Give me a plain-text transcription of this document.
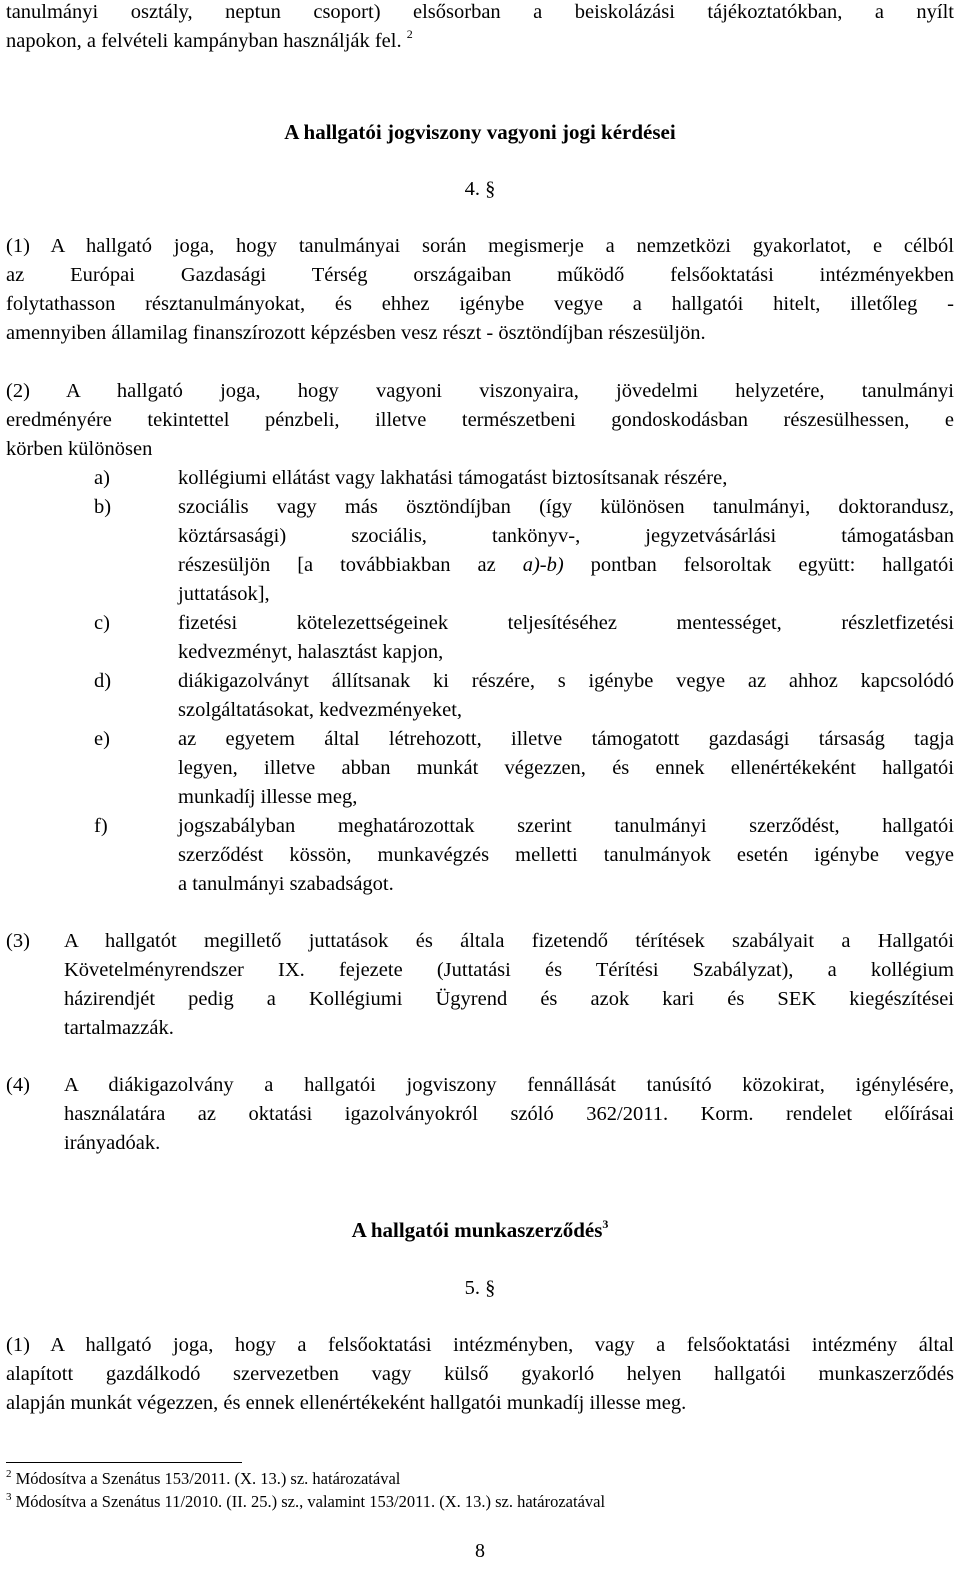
tanulmányi osztály, neptun csoport) elsősorban a beiskolázási tájékoztatókban, a nyílt
napokon, a felvételi kampányban használják fel. $^2$
A hallgatói jogviszony vagyoni jogi kérdései
4. §
(1) A hallgató joga, hogy tanulmányai során megismerje a nemzetközi gyakorlatot, e célból
az Európai Gazdasági Térség országaiban működő felsőoktatási intézményekben
folytathasson résztanulmányokat, és ehhez igénybe vegye a hallgatói hitelt, illetőleg -
amennyiben államilag finanszírozott képzésben vesz részt - ösztöndíjban részesüljön.
(2) A hallgató joga, hogy vagyoni viszonyaira, jövedelmi helyzetére, tanulmányi
eredményére tekintettel pénzbeli, illetve természetbeni gondoskodásban részesülhessen, e
körben különösen
a)	kollégiumi ellátást vagy lakhatási támogatást biztosítsanak részére,
b)	szociális vagy más ösztöndíjban (így különösen tanulmányi, doktorandusz,
köztársasági) szociális, tankönyv-, jegyzetvásárlási támogatásban
részesüljön [a továbbiakban az a)-b) pontban felsoroltak együtt: hallgatói
juttatások],
c)	fizetési kötelezettségeinek teljesítéséhez mentességet, részletfizetési
kedvezményt, halasztást kapjon,
d)	diákigazolványt állítsanak ki részére, s igénybe vegye az ahhoz kapcsolódó
szolgáltatásokat, kedvezményeket,
e)	az egyetem által létrehozott, illetve támogatott gazdasági társaság tagja
legyen, illetve abban munkát végezzen, és ennek ellenértékeként hallgatói
munkadíj illesse meg,
f)	jogszabályban meghatározottak szerint tanulmányi szerződést, hallgatói
szerződést kössön, munkavégzés melletti tanulmányok esetén igénybe vegye
a tanulmányi szabadságot.
(3) A hallgatót megillető juttatások és általa fizetendő térítések szabályait a Hallgatói
Követelményrendszer IX. fejezete (Juttatási és Térítési Szabályzat), a kollégium
házirendjét pedig a Kollégiumi Ügyrend és azok kari és SEK kiegészítései
tartalmazzák.
(4) A diákigazolvány a hallgatói jogviszony fennállását tanúsító közokirat, igénylésére,
használatára az oktatási igazolványokról szóló 362/2011. Korm. rendelet előírásai
irányadóak.
A hallgatói munkaszerződés$^3$
5. §
(1) A hallgató joga, hogy a felsőoktatási intézményben, vagy a felsőoktatási intézmény által
alapított gazdálkodó szervezetben vagy külső gyakorló helyen hallgatói munkaszerződés
alapján munkát végezzen, és ennek ellenértékeként hallgatói munkadíj illesse meg.
$^2$ Módosítva a Szenátus 153/2011. (X. 13.) sz. határozatával
$^3$ Módosítva a Szenátus 11/2010. (II. 25.) sz., valamint 153/2011. (X. 13.) sz. határozatával
8
